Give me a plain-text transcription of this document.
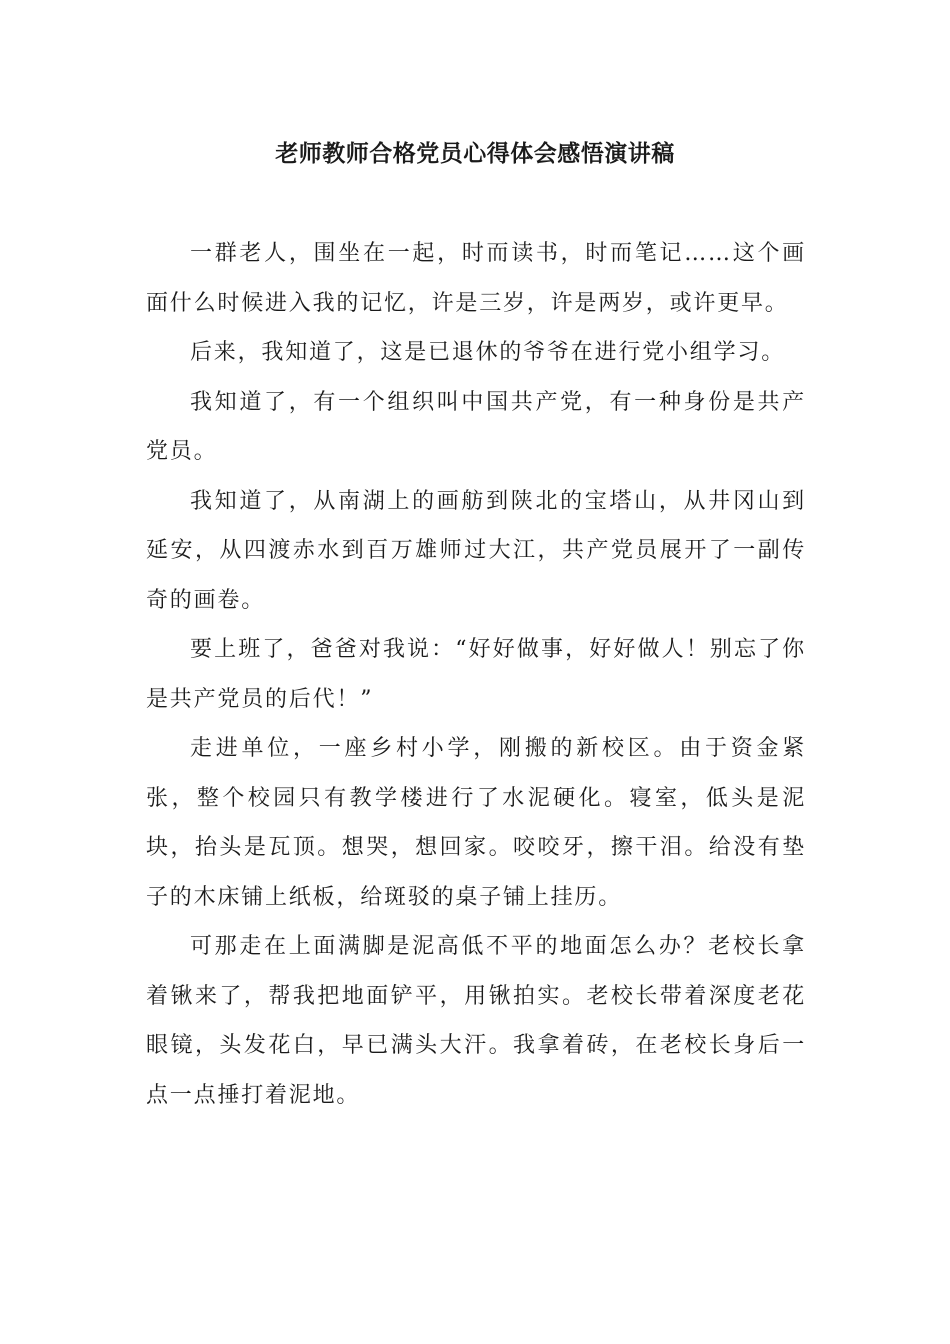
老师教师合格党员心得体会感悟演讲稿

一群老人，围坐在一起，时而读书，时而笔记……这个画面什么时候进入我的记忆，许是三岁，许是两岁，或许更早。

后来，我知道了，这是已退休的爷爷在进行党小组学习。

我知道了，有一个组织叫中国共产党，有一种身份是共产党员。

我知道了，从南湖上的画舫到陕北的宝塔山，从井冈山到延安，从四渡赤水到百万雄师过大江，共产党员展开了一副传奇的画卷。

要上班了，爸爸对我说：“好好做事，好好做人！别忘了你是共产党员的后代！”

走进单位，一座乡村小学，刚搬的新校区。由于资金紧张，整个校园只有教学楼进行了水泥硬化。寝室，低头是泥块，抬头是瓦顶。想哭，想回家。咬咬牙，擦干泪。给没有垫子的木床铺上纸板，给斑驳的桌子铺上挂历。

可那走在上面满脚是泥高低不平的地面怎么办？老校长拿着锹来了，帮我把地面铲平，用锹拍实。老校长带着深度老花眼镜，头发花白，早已满头大汗。我拿着砖，在老校长身后一点一点捶打着泥地。
